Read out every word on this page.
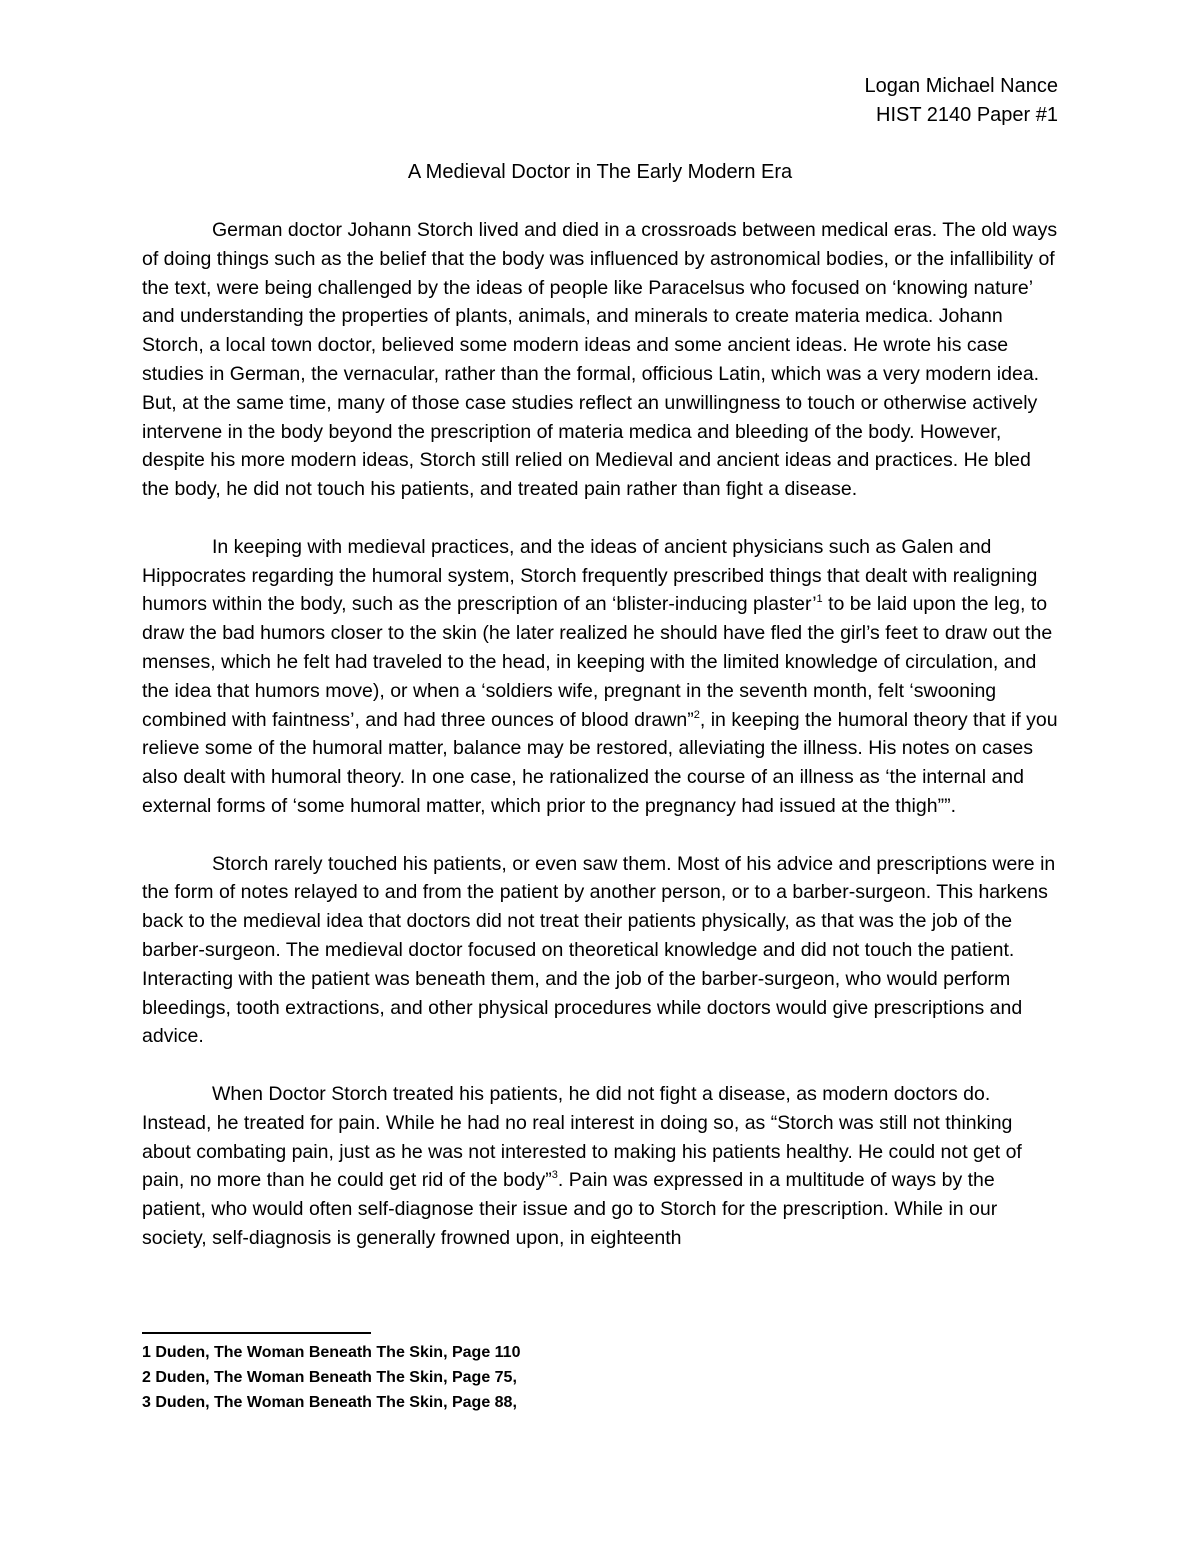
Logan Michael Nance
HIST 2140 Paper #1
A Medieval Doctor in The Early Modern Era

German doctor Johann Storch lived and died in a crossroads between medical eras. The old ways of doing things such as the belief that the body was influenced by astronomical bodies, or the infallibility of the text, were being challenged by the ideas of people like Paracelsus who focused on ‘knowing nature’ and understanding the properties of plants, animals, and minerals to create materia medica. Johann Storch, a local town doctor, believed some modern ideas and some ancient ideas. He wrote his case studies in German, the vernacular, rather than the formal, officious Latin, which was a very modern idea. But, at the same time, many of those case studies reflect an unwillingness to touch or otherwise actively intervene in the body beyond the prescription of materia medica and bleeding of the body. However, despite his more modern ideas, Storch still relied on Medieval and ancient ideas and practices. He bled the body, he did not touch his patients, and treated pain rather than fight a disease.

In keeping with medieval practices, and the ideas of ancient physicians such as Galen and Hippocrates regarding the humoral system, Storch frequently prescribed things that dealt with realigning humors within the body, such as the prescription of an ‘blister-inducing plaster’$^1$ to be laid upon the leg, to draw the bad humors closer to the skin (he later realized he should have fled the girl’s feet to draw out the menses, which he felt had traveled to the head, in keeping with the limited knowledge of circulation, and the idea that humors move), or when a ‘soldiers wife, pregnant in the seventh month, felt ‘swooning combined with faintness’, and had three ounces of blood drawn”$^2$, in keeping the humoral theory that if you relieve some of the humoral matter, balance may be restored, alleviating the illness. His notes on cases also dealt with humoral theory. In one case, he rationalized the course of an illness as ‘the internal and external forms of ‘some humoral matter, which prior to the pregnancy had issued at the thigh””.

Storch rarely touched his patients, or even saw them. Most of his advice and prescriptions were in the form of notes relayed to and from the patient by another person, or to a barber-surgeon. This harkens back to the medieval idea that doctors did not treat their patients physically, as that was the job of the barber-surgeon. The medieval doctor focused on theoretical knowledge and did not touch the patient. Interacting with the patient was beneath them, and the job of the barber-surgeon, who would perform bleedings, tooth extractions, and other physical procedures while doctors would give prescriptions and advice.

When Doctor Storch treated his patients, he did not fight a disease, as modern doctors do. Instead, he treated for pain. While he had no real interest in doing so, as “Storch was still not thinking about combating pain, just as he was not interested to making his patients healthy. He could not get of pain, no more than he could get rid of the body”$^3$. Pain was expressed in a multitude of ways by the patient, who would often self-diagnose their issue and go to Storch for the prescription. While in our society, self-diagnosis is generally frowned upon, in eighteenth

1 Duden, The Woman Beneath The Skin, Page 110
2 Duden, The Woman Beneath The Skin, Page 75,
3 Duden, The Woman Beneath The Skin, Page 88,
